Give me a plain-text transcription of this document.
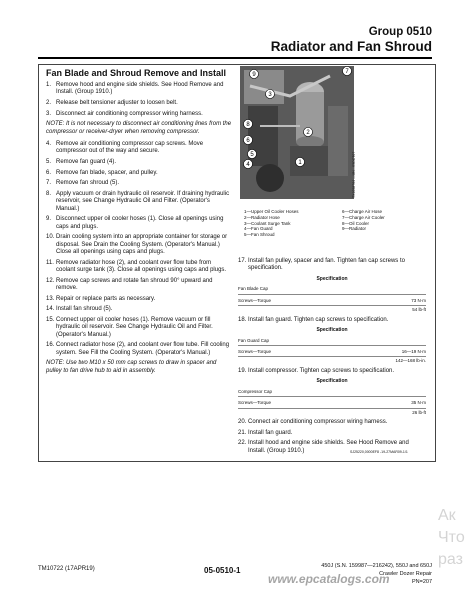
Group 0510
Radiator and Fan Shroud
Fan Blade and Shroud Remove and Install
1. Remove hood and engine side shields. See Hood Remove and Install. (Group 1910.)
2. Release belt tensioner adjuster to loosen belt.
3. Disconnect air conditioning compressor wiring harness.
NOTE: It is not necessary to disconnect air conditioning lines from the compressor or receiver-dryer when removing compressor.
4. Remove air conditioning compressor cap screws. Move compressor out of the way and secure.
5. Remove fan guard (4).
6. Remove fan blade, spacer, and pulley.
7. Remove fan shroud (5).
8. Apply vacuum or drain hydraulic oil reservoir. If draining hydraulic reservoir, see Change Hydraulic Oil and Filter. (Operator's Manual.)
9. Disconnect upper oil cooler hoses (1). Close all openings using caps and plugs.
10. Drain cooling system into an appropriate container for storage or disposal. See Drain the Cooling System. (Operator's Manual.) Close all openings using caps and plugs.
11. Remove radiator hose (2), and coolant over flow tube from coolant surge tank (3). Close all openings using caps and plugs.
12. Remove cap screws and rotate fan shroud 90° upward and remove.
13. Repair or replace parts as necessary.
14. Install fan shroud (5).
15. Connect upper oil cooler hoses (1). Remove vacuum or fill hydraulic oil reservoir. See Change Hydraulic Oil and Filter. (Operator's Manual.)
16. Connect radiator hose (2), and coolant over flow tube. Fill cooling system. See Fill the Cooling System. (Operator's Manual.)
NOTE: Use two M10 x 50 mm cap screws to draw in spacer and pulley to fan drive hub to aid in assembly.
9	7
3
8
6
5
4
2
1	TX1058764 —UN—03OCT07
1—Upper Oil Cooler Hoses	6—Charge Air Hose
2—Radiator Hose	7—Charge Air Cooler
3—Coolant Surge Tank	8—Oil Cooler
4—Fan Guard	9—Radiator
5—Fan Shroud
17. Install fan pulley, spacer and fan. Tighten fan cap screws to specification.
Specification
Fan Blade Cap
Screws—Torque	73 N·m
54 lb-ft
18. Install fan guard. Tighten cap screws to specification.
Specification
Fan Guard Cap
Screws—Torque	16—19 N·m
142—168 lb-in.
19. Install compressor. Tighten cap screws to specification.
Specification
Compressor Cap
Screws—Torque	35 N·m
26 lb-ft
20. Connect air conditioning compressor wiring harness.
21. Install fan guard.
22. Install hood and engine side shields. See Hood Remove and Install. (Group 1910.)	SJ25220,0000EF8 -19-27MAR09-1/1
TM10722 (17APR19)	05-0510-1	450J (S.N. 159987—216242), 550J and 650J
Crawler Dozer Repair
PN=207
www.epcatalogs.com
Ак
Что
раз
